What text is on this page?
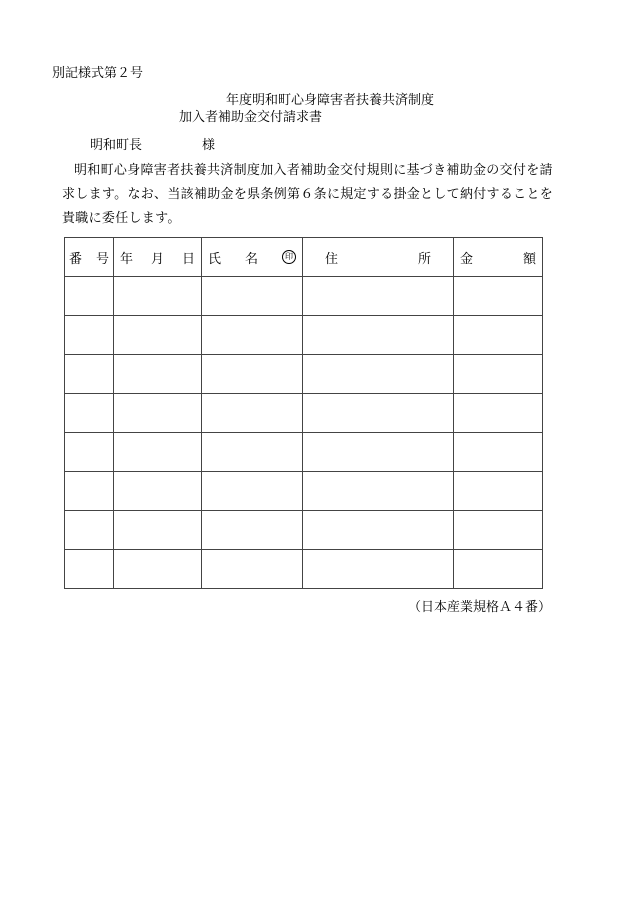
別記様式第２号
年度明和町心身障害者扶養共済制度
加入者補助金交付請求書
明和町長	様

明和町心身障害者扶養共済制度加入者補助金交付規則に基づき補助金の交付を請求します。なお、当該補助金を県条例第６条に規定する掛金として納付することを貴職に委任します。

番 号	年 月 日	氏 名 印	住 所	金 額

（日本産業規格Ａ４番）
